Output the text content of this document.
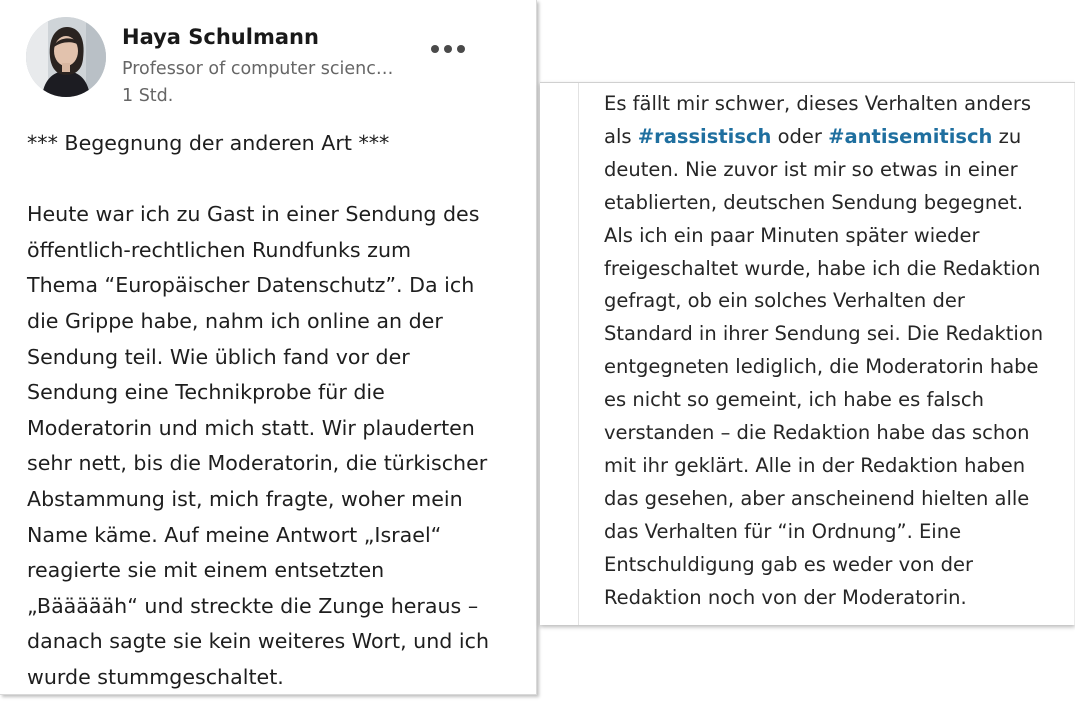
Haya Schulmann
Professor of computer scienc…
1 Std.

*** Begegnung der anderen Art ***

Heute war ich zu Gast in einer Sendung des

öffentlich-rechtlichen Rundfunks zum

Thema “Europäischer Datenschutz”. Da ich

die Grippe habe, nahm ich online an der

Sendung teil. Wie üblich fand vor der

Sendung eine Technikprobe für die

Moderatorin und mich statt. Wir plauderten

sehr nett, bis die Moderatorin, die türkischer

Abstammung ist, mich fragte, woher mein

Name käme. Auf meine Antwort „Israel“

reagierte sie mit einem entsetzten

„Bäääääh“ und streckte die Zunge heraus –

danach sagte sie kein weiteres Wort, und ich

wurde stummgeschaltet.

Es fällt mir schwer, dieses Verhalten anders

als #rassistisch oder #antisemitisch zu

deuten. Nie zuvor ist mir so etwas in einer

etablierten, deutschen Sendung begegnet.

Als ich ein paar Minuten später wieder

freigeschaltet wurde, habe ich die Redaktion

gefragt, ob ein solches Verhalten der

Standard in ihrer Sendung sei. Die Redaktion

entgegneten lediglich, die Moderatorin habe

es nicht so gemeint, ich habe es falsch

verstanden – die Redaktion habe das schon

mit ihr geklärt. Alle in der Redaktion haben

das gesehen, aber anscheinend hielten alle

das Verhalten für “in Ordnung”. Eine

Entschuldigung gab es weder von der

Redaktion noch von der Moderatorin.
